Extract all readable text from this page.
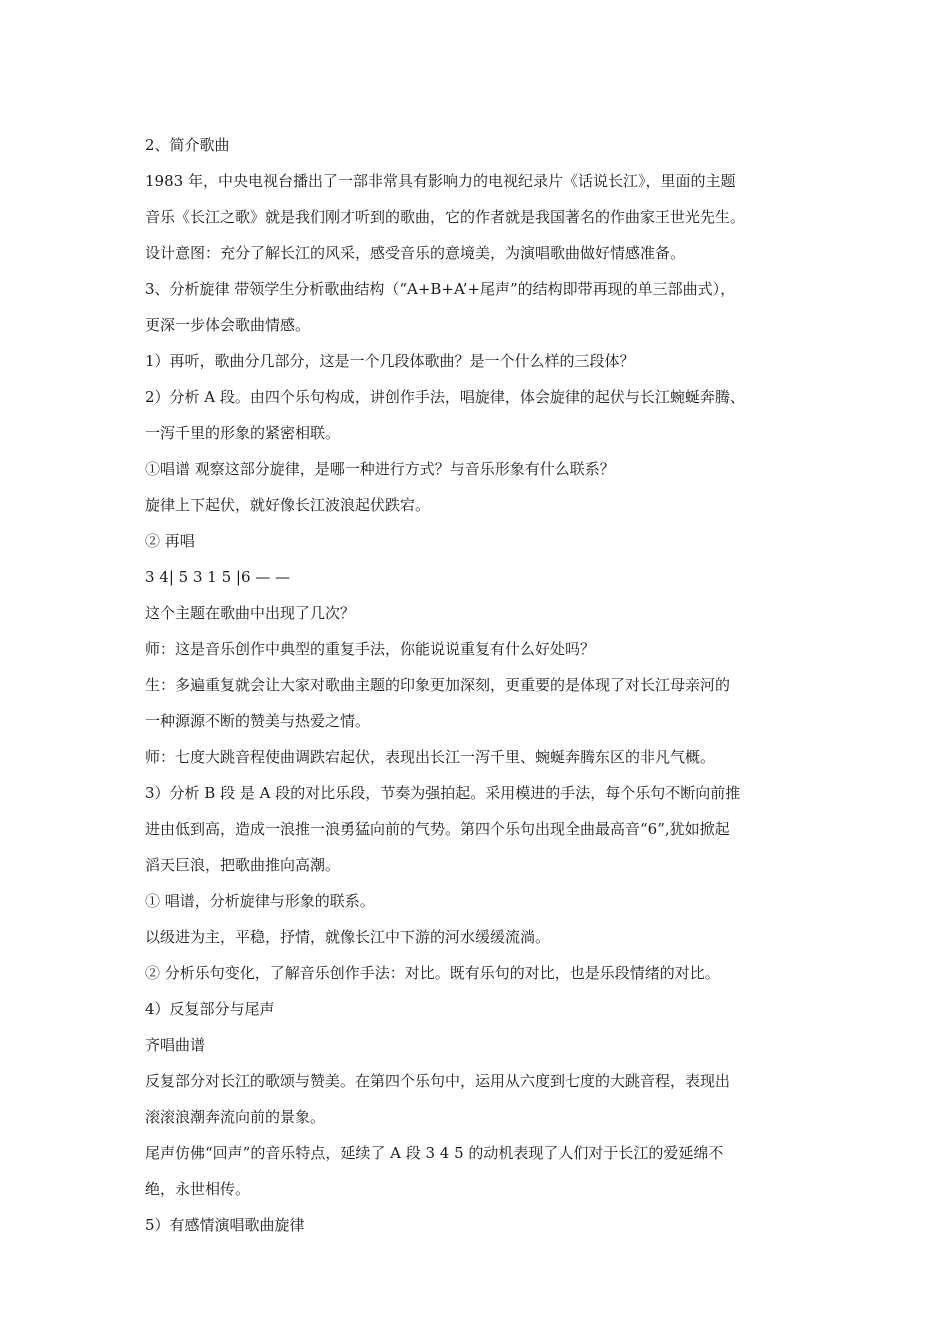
2、简介歌曲
1983 年，中央电视台播出了一部非常具有影响力的电视纪录片《话说长江》，里面的主题
音乐《长江之歌》就是我们刚才听到的歌曲，它的作者就是我国著名的作曲家王世光先生。
设计意图：充分了解长江的风采，感受音乐的意境美，为演唱歌曲做好情感准备。
3、分析旋律 带领学生分析歌曲结构（“A+B+A’+尾声”的结构即带再现的单三部曲式），
更深一步体会歌曲情感。
1）再听，歌曲分几部分，这是一个几段体歌曲？是一个什么样的三段体？
2）分析 A 段。由四个乐句构成，讲创作手法，唱旋律，体会旋律的起伏与长江蜿蜒奔腾、
一泻千里的形象的紧密相联。
①唱谱 观察这部分旋律，是哪一种进行方式？与音乐形象有什么联系？
旋律上下起伏，就好像长江波浪起伏跌宕。
② 再唱
3 4| 5 3 1 5 |6 — —
这个主题在歌曲中出现了几次？
师：这是音乐创作中典型的重复手法，你能说说重复有什么好处吗？
生：多遍重复就会让大家对歌曲主题的印象更加深刻，更重要的是体现了对长江母亲河的
一种源源不断的赞美与热爱之情。
师：七度大跳音程使曲调跌宕起伏，表现出长江一泻千里、蜿蜒奔腾东区的非凡气概。
3）分析 B 段 是 A 段的对比乐段，节奏为强拍起。采用模进的手法，每个乐句不断向前推
进由低到高，造成一浪推一浪勇猛向前的气势。第四个乐句出现全曲最高音“6”,犹如掀起
滔天巨浪，把歌曲推向高潮。
① 唱谱，分析旋律与形象的联系。
以级进为主，平稳，抒情，就像长江中下游的河水缓缓流淌。
② 分析乐句变化，了解音乐创作手法：对比。既有乐句的对比，也是乐段情绪的对比。
4）反复部分与尾声
齐唱曲谱
反复部分对长江的歌颂与赞美。在第四个乐句中，运用从六度到七度的大跳音程，表现出
滚滚浪潮奔流向前的景象。
尾声仿佛“回声”的音乐特点，延续了 A 段 3 4 5 的动机表现了人们对于长江的爱延绵不
绝，永世相传。
5）有感情演唱歌曲旋律
